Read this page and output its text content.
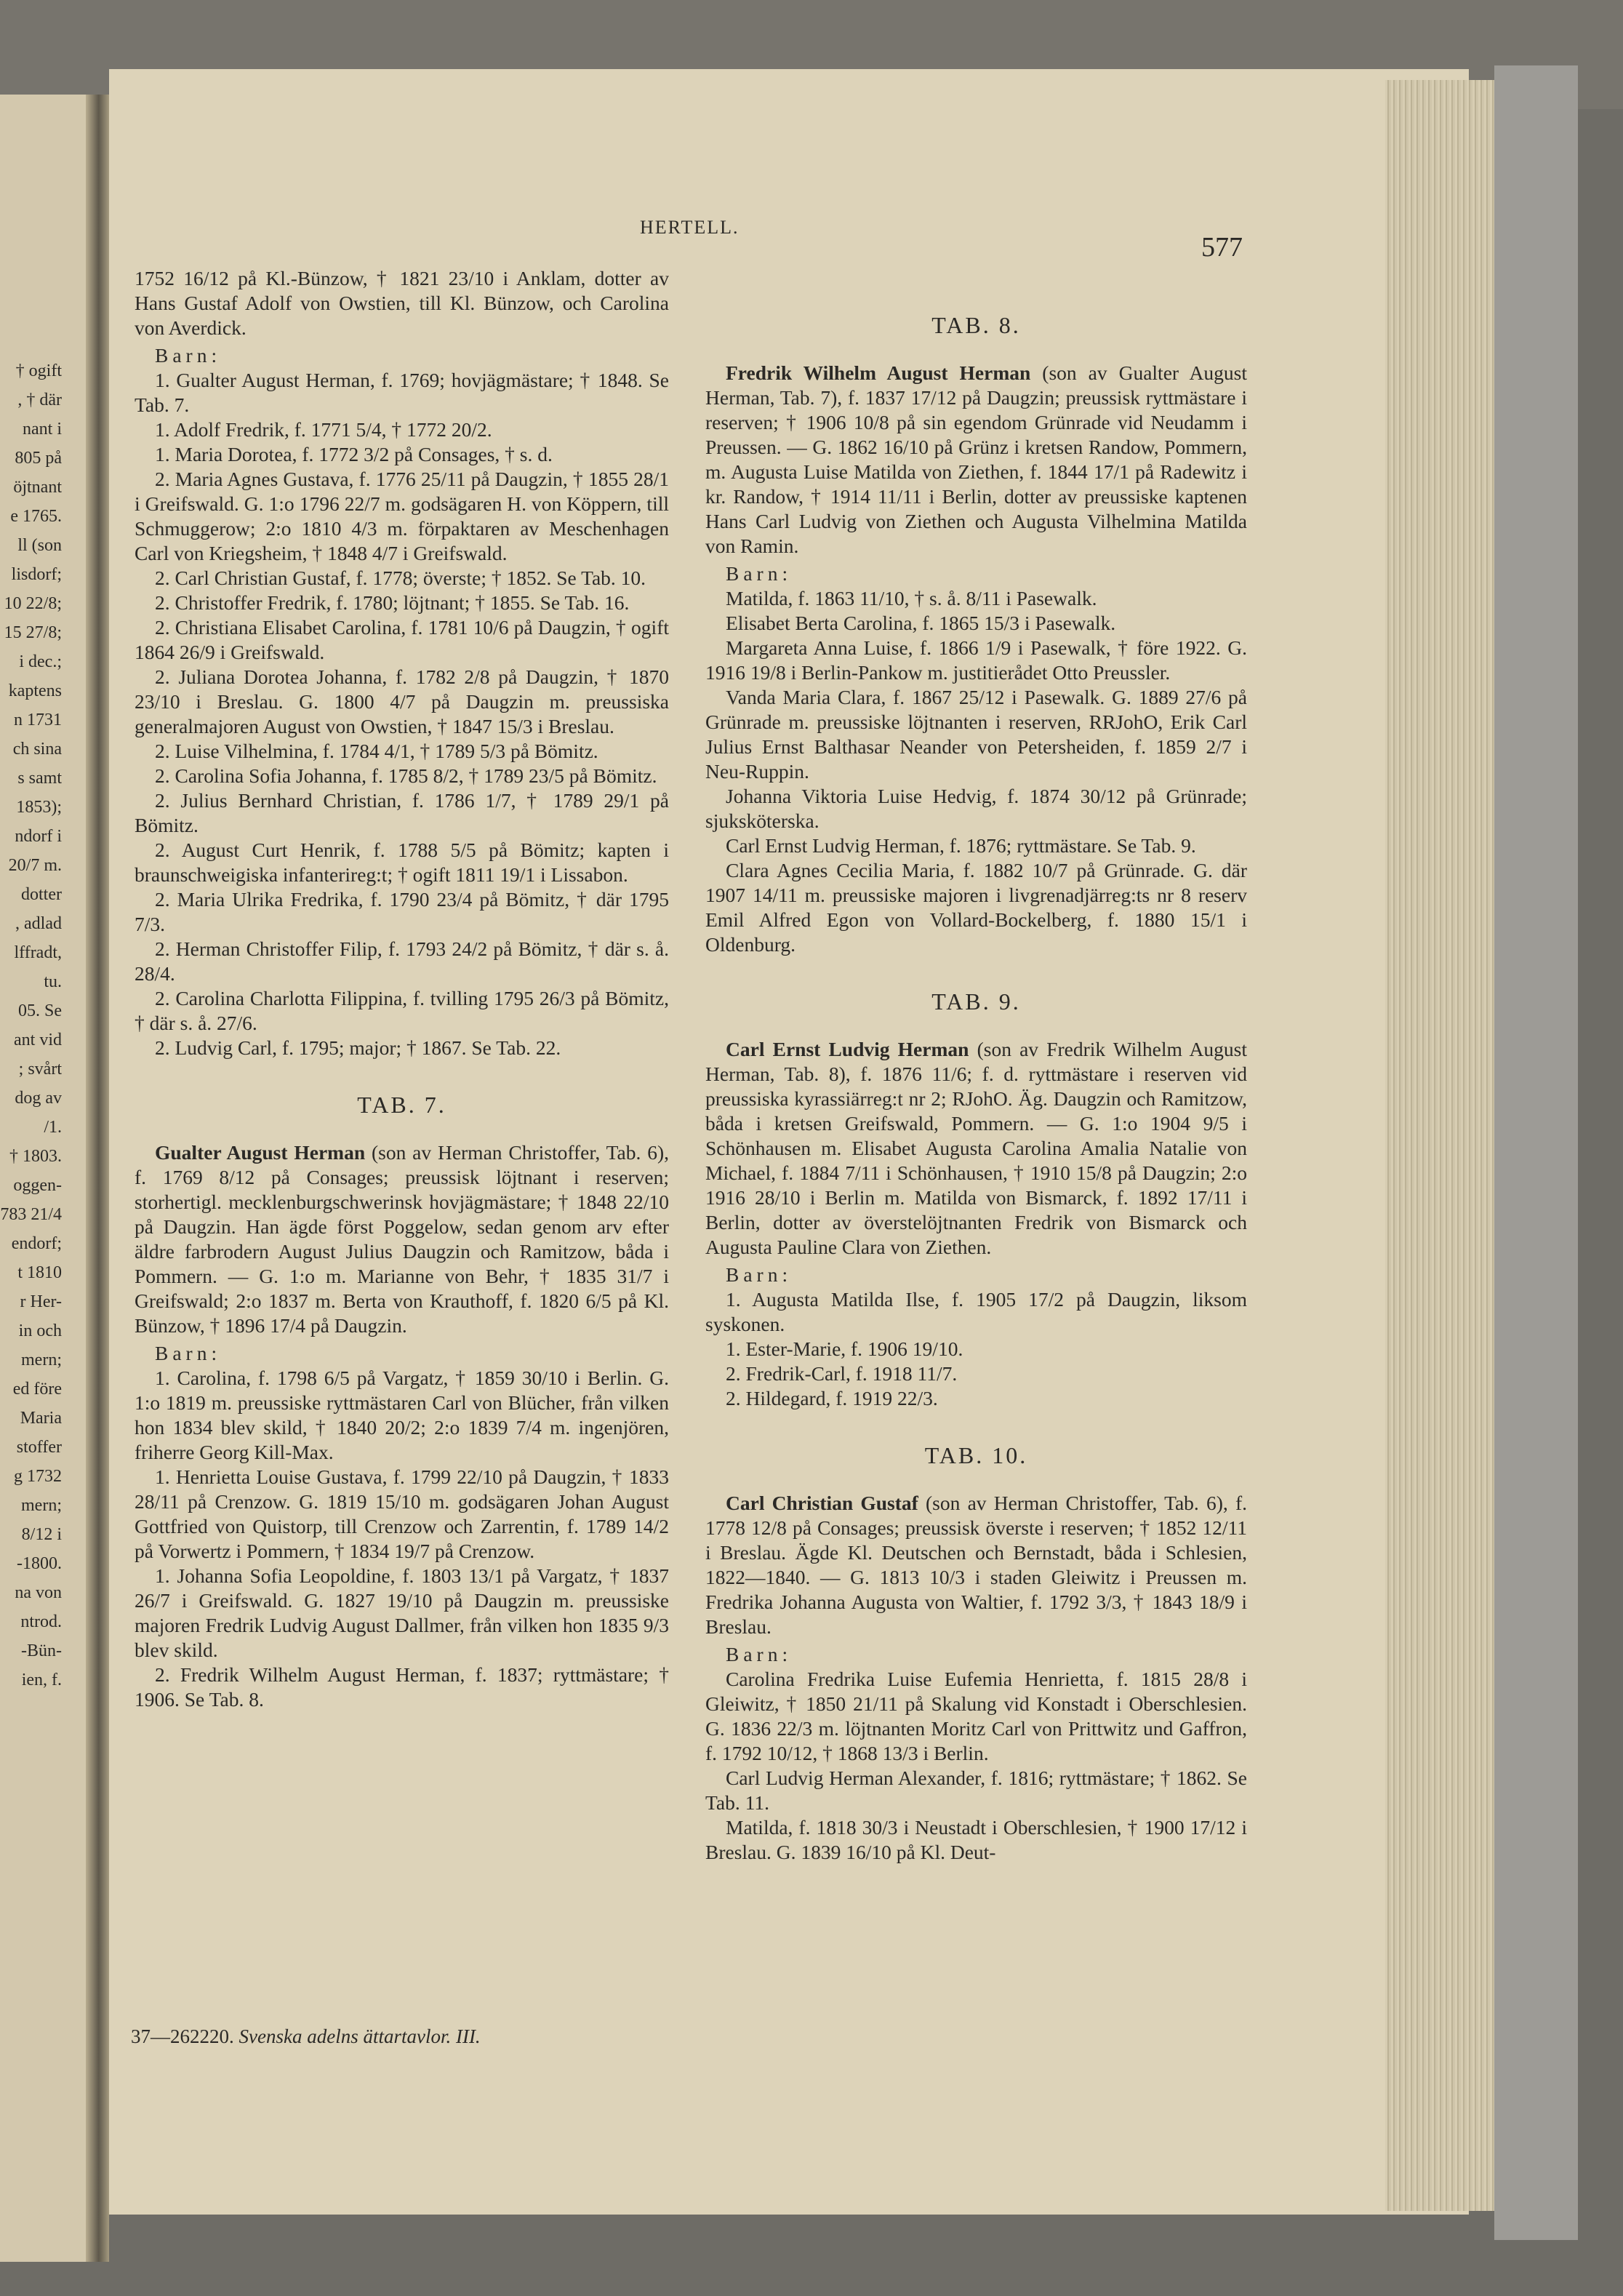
† ogift
, † där
nant i
805 på
öjtnant
e 1765.
ll (son
lisdorf;
10 22/8;
15 27/8;
i dec.;
kaptens
n 1731
ch sina
s samt
1853);
ndorf i
20/7 m.
dotter
, adlad
lffradt,
tu.
05. Se
ant vid
; svårt
dog av
/1.
† 1803.
oggen-
783 21/4
endorf;
t 1810
r Her-
in och
mern;
ed före
Maria
stoffer
g 1732
mern;
8/12 i
-1800.
na von
ntrod.
-Bün-
ien, f.
HERTELL.
577

1752 16/12 på Kl.-Bünzow, † 1821 23/10 i Anklam, dotter av Hans Gustaf Adolf von Owstien, till Kl. Bünzow, och Carolina von Averdick.

Barn:

1. Gualter August Herman, f. 1769; hovjägmästare; † 1848. Se Tab. 7.

1. Adolf Fredrik, f. 1771 5/4, † 1772 20/2.

1. Maria Dorotea, f. 1772 3/2 på Consages, † s. d.

2. Maria Agnes Gustava, f. 1776 25/11 på Daugzin, † 1855 28/1 i Greifswald. G. 1:o 1796 22/7 m. godsägaren H. von Köppern, till Schmuggerow; 2:o 1810 4/3 m. förpaktaren av Meschenhagen Carl von Kriegsheim, † 1848 4/7 i Greifswald.

2. Carl Christian Gustaf, f. 1778; överste; † 1852. Se Tab. 10.

2. Christoffer Fredrik, f. 1780; löjtnant; † 1855. Se Tab. 16.

2. Christiana Elisabet Carolina, f. 1781 10/6 på Daugzin, † ogift 1864 26/9 i Greifswald.

2. Juliana Dorotea Johanna, f. 1782 2/8 på Daugzin, † 1870 23/10 i Breslau. G. 1800 4/7 på Daugzin m. preussiska generalmajoren August von Owstien, † 1847 15/3 i Breslau.

2. Luise Vilhelmina, f. 1784 4/1, † 1789 5/3 på Bömitz.

2. Carolina Sofia Johanna, f. 1785 8/2, † 1789 23/5 på Bömitz.

2. Julius Bernhard Christian, f. 1786 1/7, † 1789 29/1 på Bömitz.

2. August Curt Henrik, f. 1788 5/5 på Bömitz; kapten i braunschweigiska infanterireg:t; † ogift 1811 19/1 i Lissabon.

2. Maria Ulrika Fredrika, f. 1790 23/4 på Bömitz, † där 1795 7/3.

2. Herman Christoffer Filip, f. 1793 24/2 på Bömitz, † där s. å. 28/4.

2. Carolina Charlotta Filippina, f. tvilling 1795 26/3 på Bömitz, † där s. å. 27/6.

2. Ludvig Carl, f. 1795; major; † 1867. Se Tab. 22.

TAB. 7.

Gualter August Herman (son av Herman Christoffer, Tab. 6), f. 1769 8/12 på Consages; preussisk löjtnant i reserven; storhertigl. mecklenburgschwerinsk hovjägmästare; † 1848 22/10 på Daugzin. Han ägde först Poggelow, sedan genom arv efter äldre farbrodern August Julius Daugzin och Ramitzow, båda i Pommern. — G. 1:o m. Marianne von Behr, † 1835 31/7 i Greifswald; 2:o 1837 m. Berta von Krauthoff, f. 1820 6/5 på Kl. Bünzow, † 1896 17/4 på Daugzin.

Barn:

1. Carolina, f. 1798 6/5 på Vargatz, † 1859 30/10 i Berlin. G. 1:o 1819 m. preussiske ryttmästaren Carl von Blücher, från vilken hon 1834 blev skild, † 1840 20/2; 2:o 1839 7/4 m. ingenjören, friherre Georg Kill-Max.

1. Henrietta Louise Gustava, f. 1799 22/10 på Daugzin, † 1833 28/11 på Crenzow. G. 1819 15/10 m. godsägaren Johan August Gottfried von Quistorp, till Crenzow och Zarrentin, f. 1789 14/2 på Vorwertz i Pommern, † 1834 19/7 på Crenzow.

1. Johanna Sofia Leopoldine, f. 1803 13/1 på Vargatz, † 1837 26/7 i Greifswald. G. 1827 19/10 på Daugzin m. preussiske majoren Fredrik Ludvig August Dallmer, från vilken hon 1835 9/3 blev skild.

2. Fredrik Wilhelm August Herman, f. 1837; ryttmästare; † 1906. Se Tab. 8.

TAB. 8.

Fredrik Wilhelm August Herman (son av Gualter August Herman, Tab. 7), f. 1837 17/12 på Daugzin; preussisk ryttmästare i reserven; † 1906 10/8 på sin egendom Grünrade vid Neudamm i Preussen. — G. 1862 16/10 på Grünz i kretsen Randow, Pommern, m. Augusta Luise Matilda von Ziethen, f. 1844 17/1 på Radewitz i kr. Randow, † 1914 11/11 i Berlin, dotter av preussiske kaptenen Hans Carl Ludvig von Ziethen och Augusta Vilhelmina Matilda von Ramin.

Barn:

Matilda, f. 1863 11/10, † s. å. 8/11 i Pasewalk.

Elisabet Berta Carolina, f. 1865 15/3 i Pasewalk.

Margareta Anna Luise, f. 1866 1/9 i Pasewalk, † före 1922. G. 1916 19/8 i Berlin-Pankow m. justitierådet Otto Preussler.

Vanda Maria Clara, f. 1867 25/12 i Pasewalk. G. 1889 27/6 på Grünrade m. preussiske löjtnanten i reserven, RRJohO, Erik Carl Julius Ernst Balthasar Neander von Petersheiden, f. 1859 2/7 i Neu-Ruppin.

Johanna Viktoria Luise Hedvig, f. 1874 30/12 på Grünrade; sjuksköterska.

Carl Ernst Ludvig Herman, f. 1876; ryttmästare. Se Tab. 9.

Clara Agnes Cecilia Maria, f. 1882 10/7 på Grünrade. G. där 1907 14/11 m. preussiske majoren i livgrenadjärreg:ts nr 8 reserv Emil Alfred Egon von Vollard-Bockelberg, f. 1880 15/1 i Oldenburg.

TAB. 9.

Carl Ernst Ludvig Herman (son av Fredrik Wilhelm August Herman, Tab. 8), f. 1876 11/6; f. d. ryttmästare i reserven vid preussiska kyrassiärreg:t nr 2; RJohO. Äg. Daugzin och Ramitzow, båda i kretsen Greifswald, Pommern. — G. 1:o 1904 9/5 i Schönhausen m. Elisabet Augusta Carolina Amalia Natalie von Michael, f. 1884 7/11 i Schönhausen, † 1910 15/8 på Daugzin; 2:o 1916 28/10 i Berlin m. Matilda von Bismarck, f. 1892 17/11 i Berlin, dotter av överstelöjtnanten Fredrik von Bismarck och Augusta Pauline Clara von Ziethen.

Barn:

1. Augusta Matilda Ilse, f. 1905 17/2 på Daugzin, liksom syskonen.

1. Ester-Marie, f. 1906 19/10.

2. Fredrik-Carl, f. 1918 11/7.

2. Hildegard, f. 1919 22/3.

TAB. 10.

Carl Christian Gustaf (son av Herman Christoffer, Tab. 6), f. 1778 12/8 på Consages; preussisk överste i reserven; † 1852 12/11 i Breslau. Ägde Kl. Deutschen och Bernstadt, båda i Schlesien, 1822—1840. — G. 1813 10/3 i staden Gleiwitz i Preussen m. Fredrika Johanna Augusta von Waltier, f. 1792 3/3, † 1843 18/9 i Breslau.

Barn:

Carolina Fredrika Luise Eufemia Henrietta, f. 1815 28/8 i Gleiwitz, † 1850 21/11 på Skalung vid Konstadt i Oberschlesien. G. 1836 22/3 m. löjtnanten Moritz Carl von Prittwitz und Gaffron, f. 1792 10/12, † 1868 13/3 i Berlin.

Carl Ludvig Herman Alexander, f. 1816; ryttmästare; † 1862. Se Tab. 11.

Matilda, f. 1818 30/3 i Neustadt i Oberschlesien, † 1900 17/12 i Breslau. G. 1839 16/10 på Kl. Deut-

37—262220. Svenska adelns ättartavlor. III.
